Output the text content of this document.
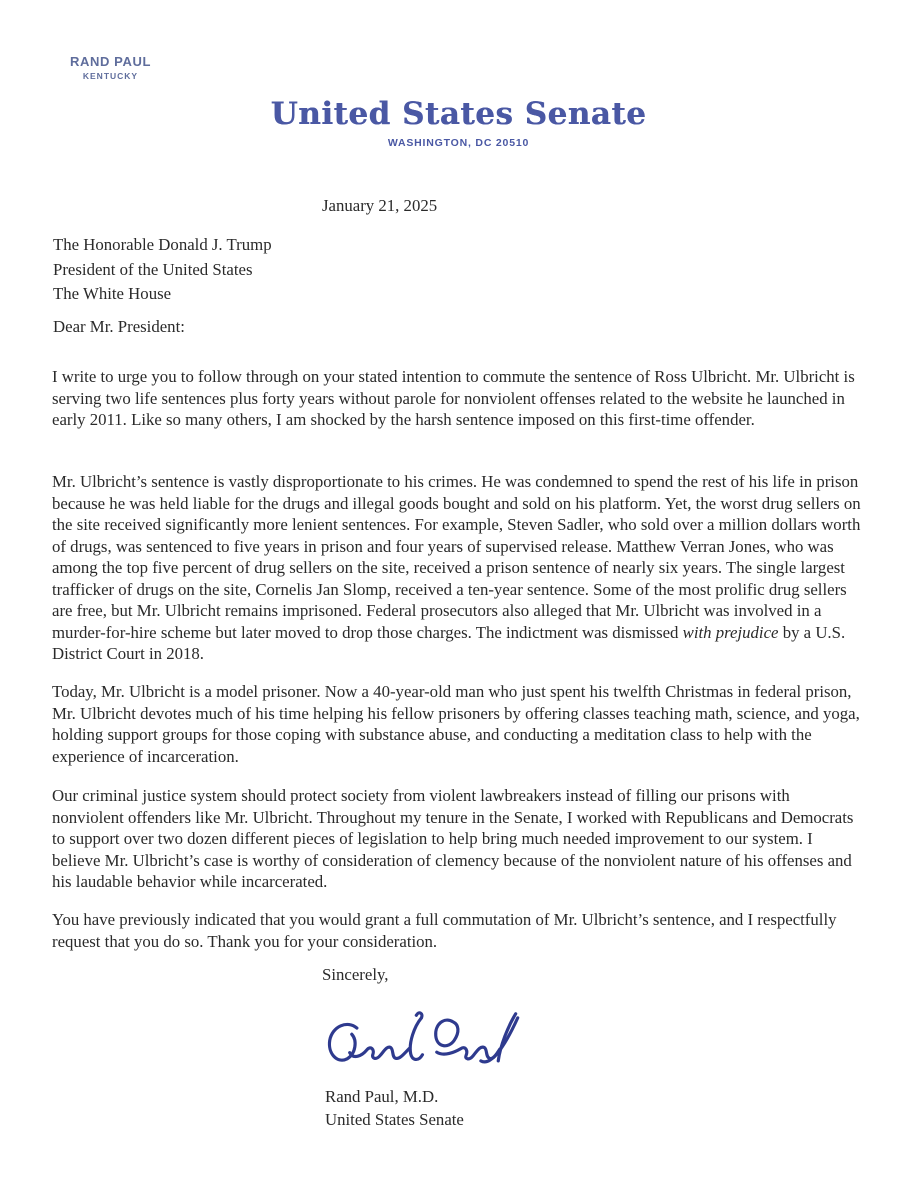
RAND PAUL
KENTUCKY
United States Senate
WASHINGTON, DC 20510
January 21, 2025
The Honorable Donald J. Trump
President of the United States
The White House
Dear Mr. President:

I write to urge you to follow through on your stated intention to commute the sentence of Ross Ulbricht. Mr. Ulbricht is serving two life sentences plus forty years without parole for nonviolent offenses related to the website he launched in early 2011. Like so many others, I am shocked by the harsh sentence imposed on this first-time offender.

Mr. Ulbricht’s sentence is vastly disproportionate to his crimes. He was condemned to spend the rest of his life in prison because he was held liable for the drugs and illegal goods bought and sold on his platform. Yet, the worst drug sellers on the site received significantly more lenient sentences. For example, Steven Sadler, who sold over a million dollars worth of drugs, was sentenced to five years in prison and four years of supervised release. Matthew Verran Jones, who was among the top five percent of drug sellers on the site, received a prison sentence of nearly six years. The single largest trafficker of drugs on the site, Cornelis Jan Slomp, received a ten-year sentence. Some of the most prolific drug sellers are free, but Mr. Ulbricht remains imprisoned. Federal prosecutors also alleged that Mr. Ulbricht was involved in a murder-for-hire scheme but later moved to drop those charges. The indictment was dismissed with prejudice by a U.S. District Court in 2018.

Today, Mr. Ulbricht is a model prisoner. Now a 40-year-old man who just spent his twelfth Christmas in federal prison, Mr. Ulbricht devotes much of his time helping his fellow prisoners by offering classes teaching math, science, and yoga, holding support groups for those coping with substance abuse, and conducting a meditation class to help with the experience of incarceration.

Our criminal justice system should protect society from violent lawbreakers instead of filling our prisons with nonviolent offenders like Mr. Ulbricht. Throughout my tenure in the Senate, I worked with Republicans and Democrats to support over two dozen different pieces of legislation to help bring much needed improvement to our system. I believe Mr. Ulbricht’s case is worthy of consideration of clemency because of the nonviolent nature of his offenses and his laudable behavior while incarcerated.

You have previously indicated that you would grant a full commutation of Mr. Ulbricht’s sentence, and I respectfully request that you do so. Thank you for your consideration.

Sincerely,
Rand Paul, M.D.
United States Senate
